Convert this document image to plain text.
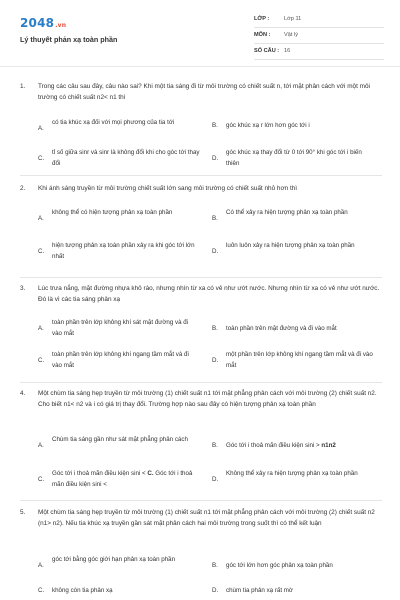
2048.vn
Lý thuyết phản xạ toàn phần
LỚP :	Lớp 11
MÔN : Vật lý
SỐ CÂU : 16
1. Trong các câu sau đây, câu nào sai? Khi một tia sáng đi từ môi trường có chiết suất n, tới mặt phân cách với một môi trường có chiết suất n2< n1 thì
A.
có tia khúc xạ đối với mọi phương của tia tới	B. góc khúc xạ r lớn hơn góc tới i
C.
tỉ số giữa sinr và sinr là không đổi khi cho góc tới thay đổi
D.
góc khúc xạ thay đổi từ 0 tới 90° khi góc tới i biến thiên
2. Khi ánh sáng truyền từ môi trường chiết suất lớn sang môi trường có chiết suất nhỏ hơn thì
A.
không thể có hiện tượng phản xạ toàn phần
B.
Có thể xảy ra hiện tượng phản xạ toàn phần
C.
hiện tượng phản xạ toàn phần xảy ra khi góc tới lớn nhất
D.
luôn luôn xảy ra hiện tượng phản xạ toàn phần
3. Lúc trưa nắng, mặt đường nhựa khô ráo, nhưng nhìn từ xa có vẻ như ướt nước. Nhưng nhìn từ xa có vẻ như ướt nước. Đó là vì các tia sáng phản xạ
A.
toàn phần trên lớp không khí sát mặt đường và đi vào mắt
B. toàn phần trên mặt đường và đi vào mắt
C.
toàn phần trên lớp không khí ngang tầm mắt và đi vào mắt
D.
một phần trên lớp không khí ngang tầm mắt và đi vào mắt
4. Một chùm tia sáng hẹp truyền từ môi trường (1) chiết suất n1 tới mặt phẳng phân cách với môi trường (2) chiết suất n2. Cho biết n1< n2 và i có giá trị thay đổi. Trường hợp nào sau đây có hiện tượng phản xạ toàn phần
A.
Chùm tia sáng gần như sát mặt phẳng phân cách
B. Góc tới i thoả mãn điều kiện sini > n1n2
C.
Góc tới i thoả mãn điều kiện sini < C. Góc tới i thoả mãn điều kiện sini <
D.
Không thể xảy ra hiện tượng phản xạ toàn phần
5. Một chùm tia sáng hẹp truyền từ môi trường (1) chiết suất n1 tới mặt phẳng phân cách với môi trường (2) chiết suất n2 (n1> n2). Nếu tia khúc xạ truyền gần sát mặt phân cách hai môi trường trong suốt thì có thể kết luận
A.
góc tới bằng góc giới hạn phản xạ toàn phần
B. góc tới lớn hơn góc phản xạ toàn phần
C. không còn tia phản xạ	D. chùm tia phản xạ rất mờ
